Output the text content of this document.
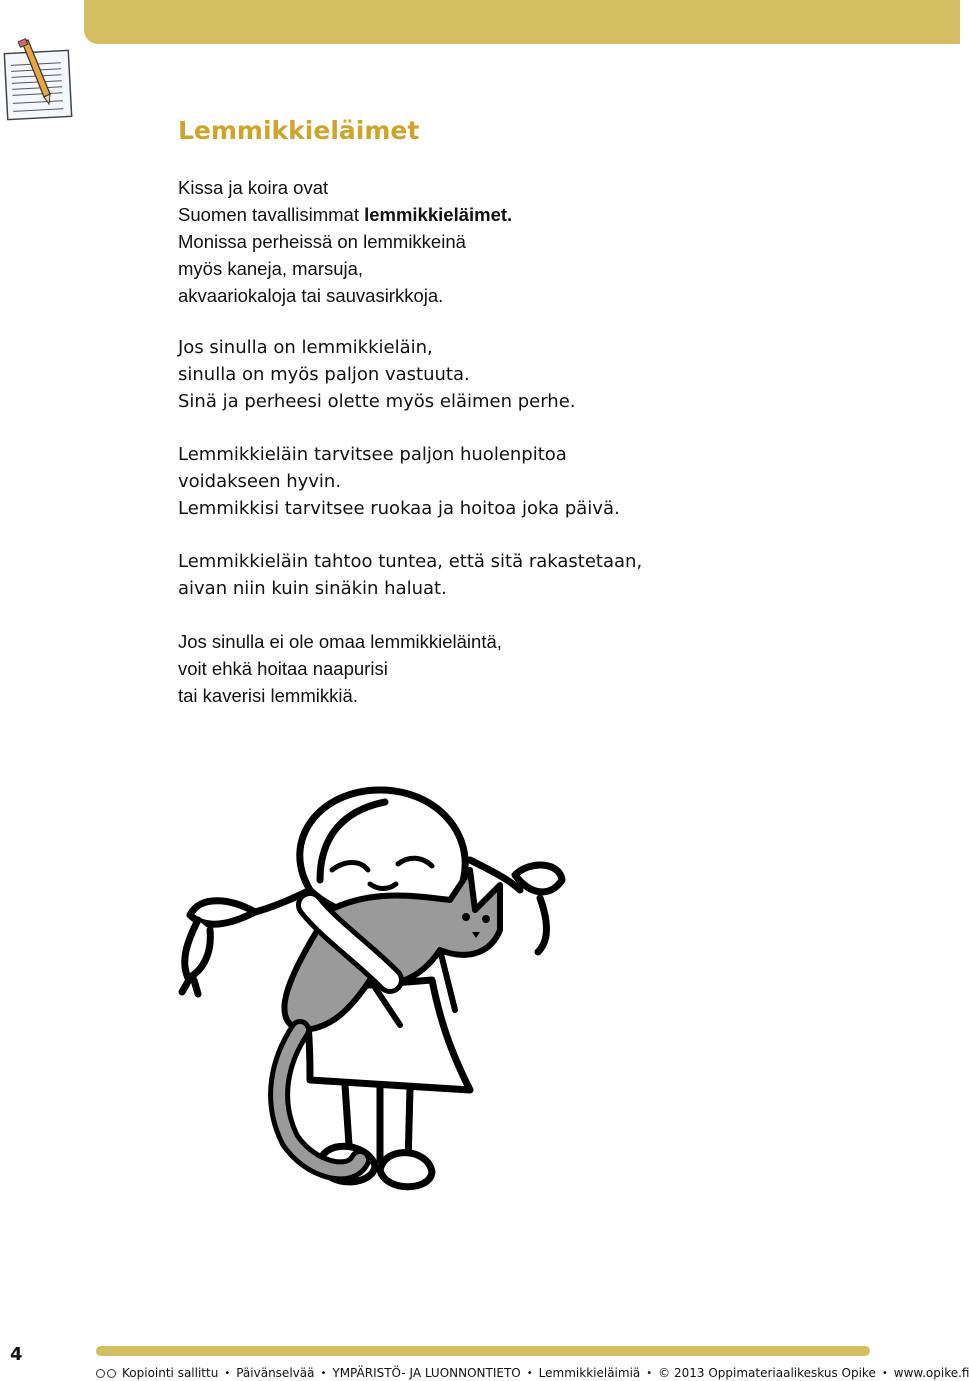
Lemmikkieläimet

Kissa ja koira ovat
Suomen tavallisimmat lemmikkieläimet.
Monissa perheissä on lemmikkeinä
myös kaneja, marsuja,
akvaariokaloja tai sauvasirkkoja.

Jos sinulla on lemmikkieläin,
sinulla on myös paljon vastuuta.
Sinä ja perheesi olette myös eläimen perhe.

Lemmikkieläin tarvitsee paljon huolenpitoa
voidakseen hyvin.
Lemmikkisi tarvitsee ruokaa ja hoitoa joka päivä.

Lemmikkieläin tahtoo tuntea, että sitä rakastetaan,
aivan niin kuin sinäkin haluat.

Jos sinulla ei ole omaa lemmikkieläintä,
voit ehkä hoitaa naapurisi
tai kaverisi lemmikkiä.

4
Kopiointi sallittu • Päivänselvää • YMPÄRISTÖ- JA LUONNONTIETO • Lemmikkieläimiä • © 2013 Oppimateriaalikeskus Opike • www.opike.fi
